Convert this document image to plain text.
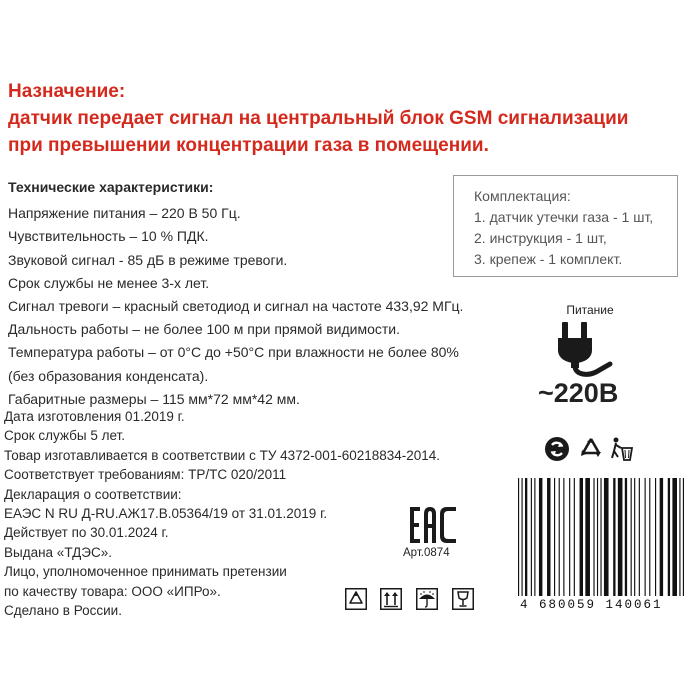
Назначение:
датчик передает сигнал на центральный блок GSM сигнализации
при превышении концентрации газа в помещении.
Технические характеристики:
Напряжение питания – 220 В 50 Гц.
Чувствительность – 10 % ПДК.
Звуковой сигнал - 85 дБ в режиме тревоги.
Срок службы не менее 3-х лет.
Сигнал тревоги – красный светодиод и сигнал на частоте 433,92 МГц.
Дальность работы – не более 100 м при прямой видимости.
Температура работы – от 0°С до +50°С при влажности не более 80%
(без образования конденсата).
Габаритные размеры – 115 мм*72 мм*42 мм.
Комплектация:
1. датчик утечки газа - 1 шт,
2. инструкция - 1 шт,
3. крепеж - 1 комплект.
Питание
~220В
Дата изготовления 01.2019 г.
Срок службы 5 лет.
Товар изготавливается в соответствии с ТУ 4372-001-60218834-2014.
Соответствует требованиям: ТР/ТС 020/2011
Декларация о соответствии:
ЕАЭС N RU Д-RU.АЖ17.В.05364/19 от 31.01.2019 г.
Действует по 30.01.2024 г.
Выдана «ТДЭС».
Лицо, уполномоченное принимать претензии
по качеству товара: ООО «ИПРо».
Сделано в России.
Арт.0874
4 680059 140061
